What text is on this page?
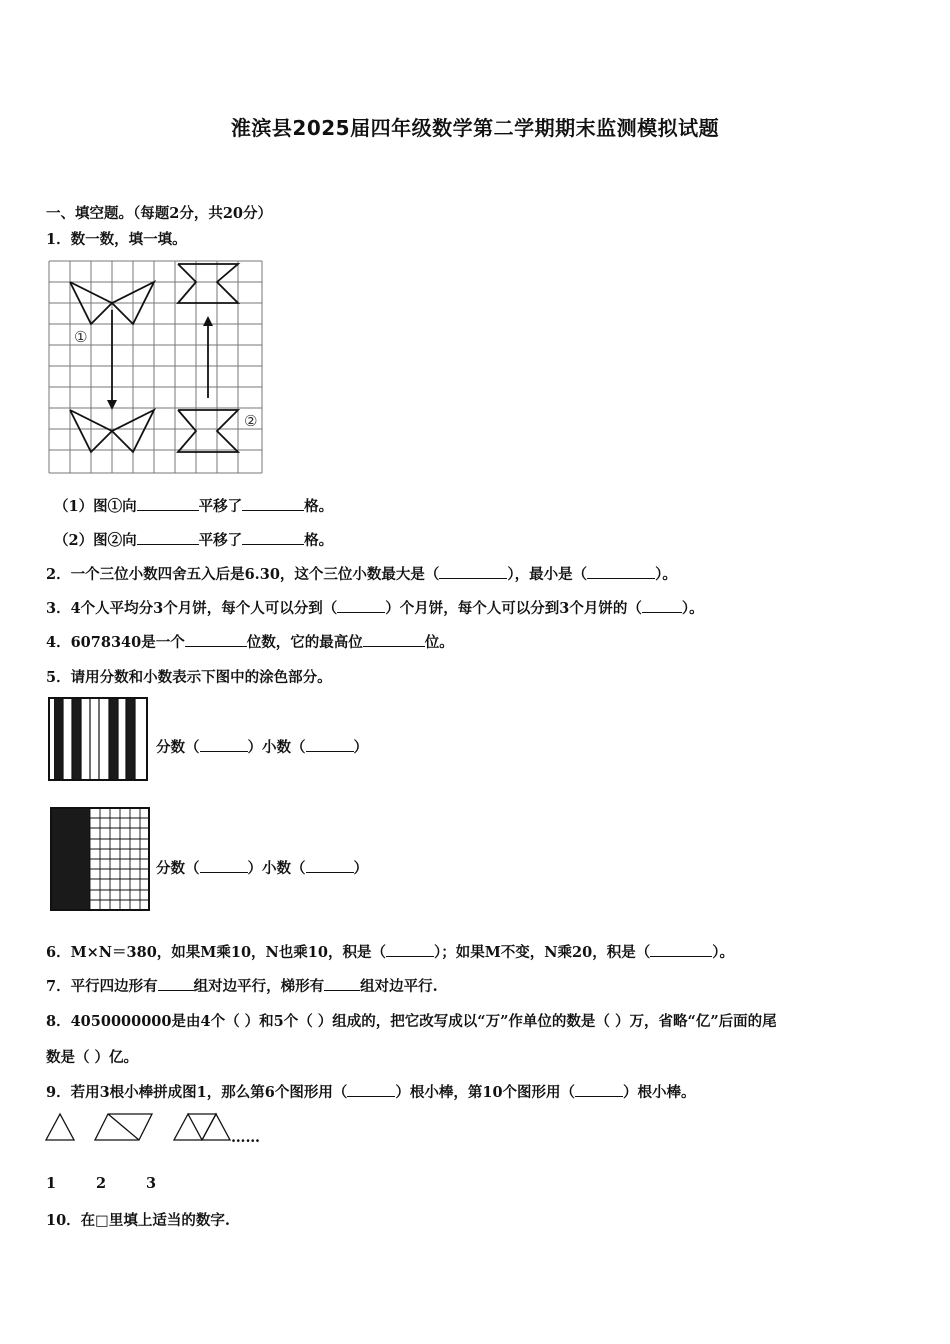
淮滨县2025届四年级数学第二学期期末监测模拟试题
一、填空题。（每题2分，共20分）
1．数一数，填一填。
①
②
（1）图①向	平移了	格。
（2）图②向	平移了	格。
2．一个三位小数四舍五入后是6.30，这个三位小数最大是（	），最小是（	）。
3．4个人平均分3个月饼，每个人可以分到（	）个月饼，每个人可以分到3个月饼的（	）。
4．6078340是一个	位数，它的最高位	位。
5．请用分数和小数表示下图中的涂色部分。
分数（	）小数（	）
分数（	）小数（	）
6．M×N＝380，如果M乘10，N也乘10，积是（	）；如果M不变，N乘20，积是（	）。
7．平行四边形有 组对边平行，梯形有 组对边平行.
8．4050000000是由4个（ ）和5个（ ）组成的，把它改写成以“万”作单位的数是（ ）万，省略“亿”后面的尾
数是（ ）亿。
9．若用3根小棒拼成图1，那么第6个图形用（	）根小棒，第10个图形用（	）根小棒。
……
1	2	3
10．在□里填上适当的数字.
